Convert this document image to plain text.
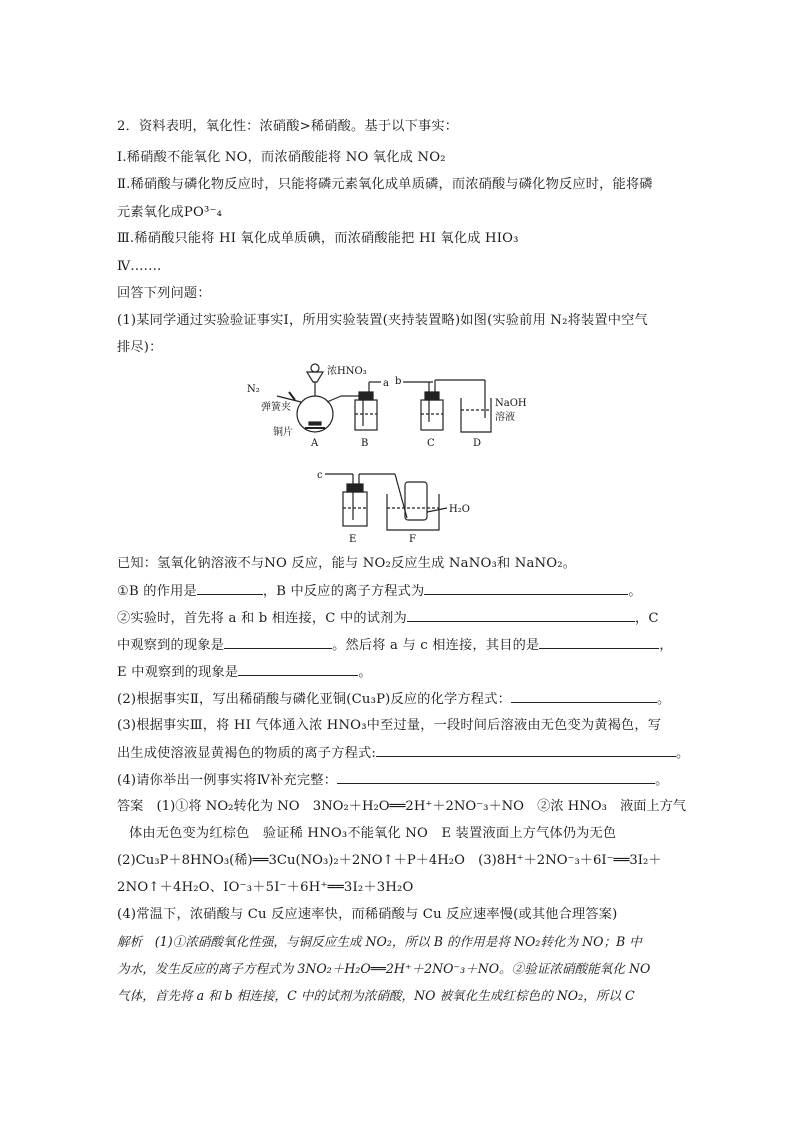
2．资料表明，氧化性：浓硝酸>稀硝酸。基于以下事实：
Ⅰ.稀硝酸不能氧化 NO，而浓硝酸能将 NO 氧化成 NO₂
Ⅱ.稀硝酸与磷化物反应时，只能将磷元素氧化成单质磷，而浓硝酸与磷化物反应时，能将磷
元素氧化成PO³⁻₄
Ⅲ.稀硝酸只能将 HI 氧化成单质碘，而浓硝酸能把 HI 氧化成 HIO₃
Ⅳ.……
回答下列问题：
(1)某同学通过实验验证事实Ⅰ，所用实验装置(夹持装置略)如图(实验前用 N₂将装置中空气
排尽)：
N₂
弹簧夹
铜片
浓HNO₃
A
a
B
b
C
NaOH
溶液
D
c
E
H₂O
F
已知：氢氧化钠溶液不与NO 反应，能与 NO₂反应生成 NaNO₃和 NaNO₂。
①B 的作用是	，B 中反应的离子方程式为	。
②实验时，首先将 a 和 b 相连接，C 中的试剂为	，C
中观察到的现象是	。然后将 a 与 c 相连接，其目的是	，
E 中观察到的现象是	。
(2)根据事实Ⅱ，写出稀硝酸与磷化亚铜(Cu₃P)反应的化学方程式：	。
(3)根据事实Ⅲ，将 HI 气体通入浓 HNO₃中至过量，一段时间后溶液由无色变为黄褐色，写
出生成使溶液显黄褐色的物质的离子方程式:	。
(4)请你举出一例事实将Ⅳ补充完整：	。
答案　(1)①将 NO₂转化为 NO　3NO₂＋H₂O══2H⁺＋2NO⁻₃＋NO　②浓 HNO₃　液面上方气
体由无色变为红棕色　验证稀 HNO₃不能氧化 NO　E 装置液面上方气体仍为无色
(2)Cu₃P＋8HNO₃(稀)══3Cu(NO₃)₂＋2NO↑＋P＋4H₂O　(3)8H⁺＋2NO⁻₃＋6I⁻══3I₂＋
2NO↑＋4H₂O、IO⁻₃＋5I⁻＋6H⁺══3I₂＋3H₂O
(4)常温下，浓硝酸与 Cu 反应速率快，而稀硝酸与 Cu 反应速率慢(或其他合理答案)
解析　(1)①浓硝酸氧化性强，与铜反应生成 NO₂，所以 B 的作用是将 NO₂转化为 NO；B 中
为水，发生反应的离子方程式为 3NO₂＋H₂O══2H⁺＋2NO⁻₃＋NO。②验证浓硝酸能氧化 NO
气体，首先将 a 和 b 相连接，C 中的试剂为浓硝酸，NO 被氧化生成红棕色的 NO₂，所以 C
